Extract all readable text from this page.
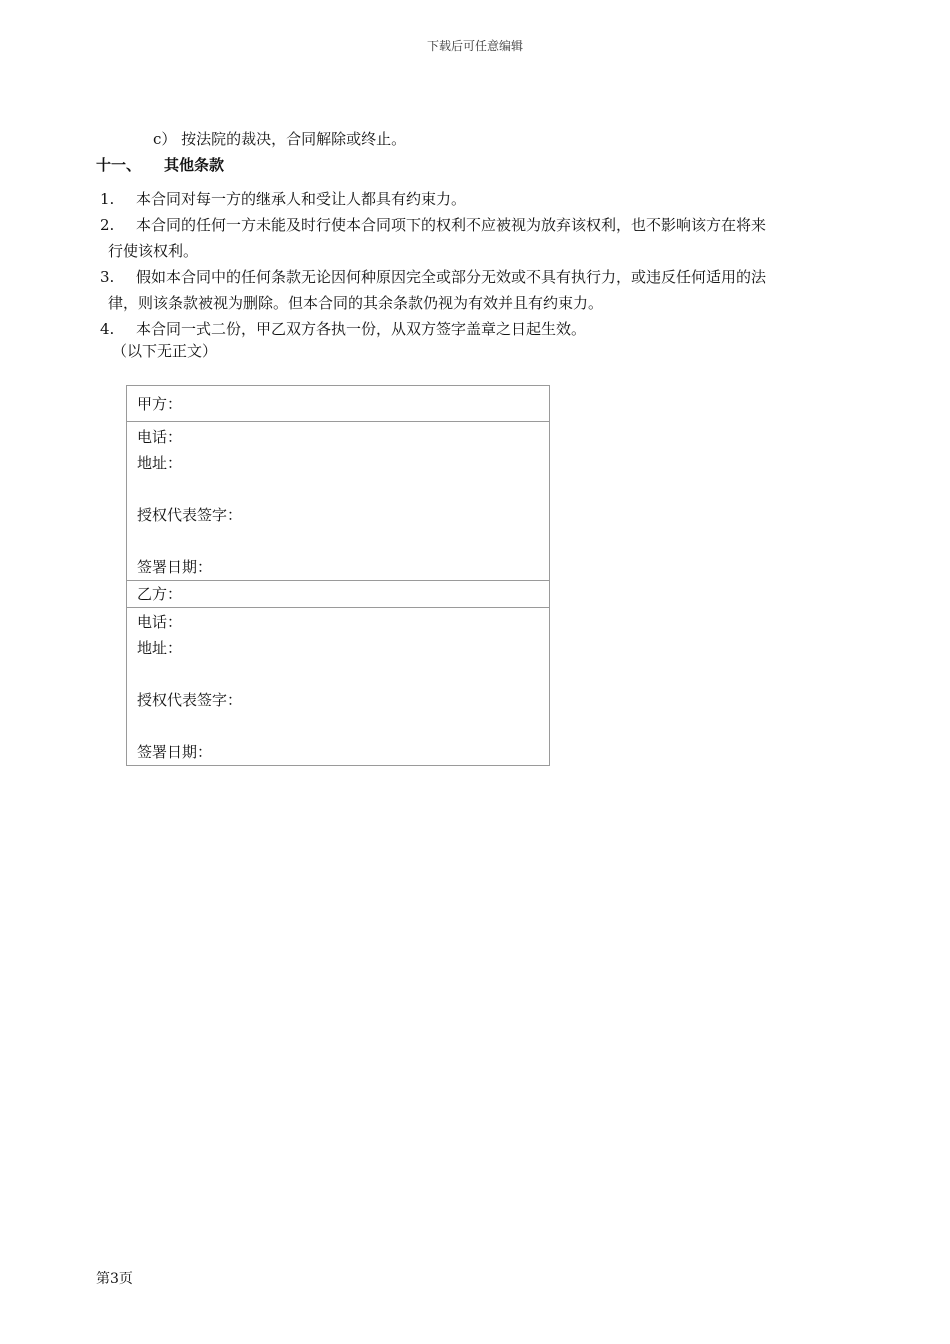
下载后可任意编辑
c） 按法院的裁决，合同解除或终止。
十一、 其他条款
1.	本合同对每一方的继承人和受让人都具有约束力。
2.	本合同的任何一方未能及时行使本合同项下的权利不应被视为放弃该权利，也不影响该方在将来
行使该权利。
3.	假如本合同中的任何条款无论因何种原因完全或部分无效或不具有执行力，或违反任何适用的法
律，则该条款被视为删除。但本合同的其余条款仍视为有效并且有约束力。
4.	本合同一式二份，甲乙双方各执一份，从双方签字盖章之日起生效。
（以下无正文）
甲方：

电话：
地址：
授权代表签字：
签署日期：

乙方：

电话：
地址：
授权代表签字：
签署日期：
第3页
